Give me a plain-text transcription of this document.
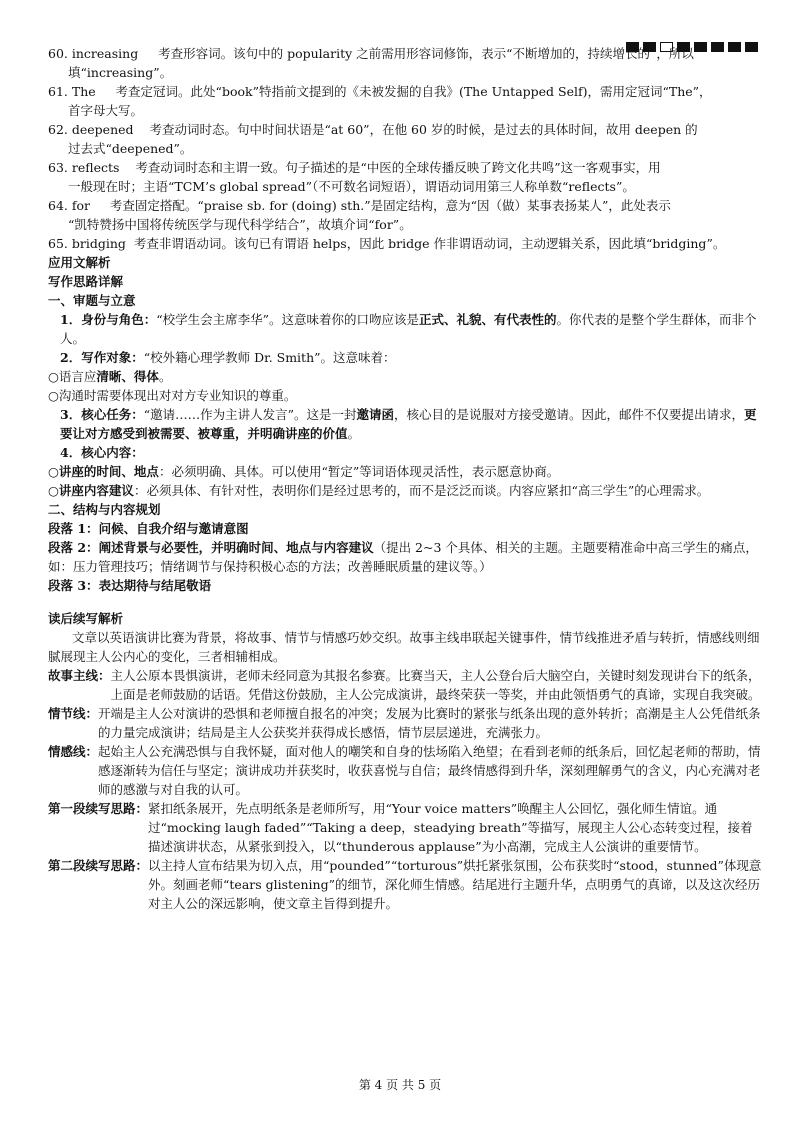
60. increasing 考查形容词。该句中的 popularity 之前需用形容词修饰，表示“不断增加的，持续增长的”，所以
填“increasing”。

61. The 考查定冠词。此处“book”特指前文提到的《未被发掘的自我》(The Untapped Self)，需用定冠词“The”，
首字母大写。

62. deepened 考查动词时态。句中时间状语是“at 60”，在他 60 岁的时候，是过去的具体时间，故用 deepen 的
过去式“deepened”。

63. reflects 考查动词时态和主谓一致。句子描述的是“中医的全球传播反映了跨文化共鸣”这一客观事实，用
一般现在时；主语“TCM’s global spread”（不可数名词短语），谓语动词用第三人称单数“reflects”。

64. for 考查固定搭配。“praise sb. for (doing) sth.”是固定结构，意为“因（做）某事表扬某人”，此处表示
“凯特赞扬中国将传统医学与现代科学结合”，故填介词“for”。

65. bridging 考查非谓语动词。该句已有谓语 helps，因此 bridge 作非谓语动词，主动逻辑关系，因此填“bridging”。

应用文解析

写作思路详解

一、审题与立意

1．身份与角色：“校学生会主席李华”。这意味着你的口吻应该是正式、礼貌、有代表性的。你代表的是整个学生群体，而非个人。

2．写作对象：“校外籍心理学教师 Dr. Smith”。这意味着：

○语言应清晰、得体。

○沟通时需要体现出对对方专业知识的尊重。

3．核心任务：“邀请……作为主讲人发言”。这是一封邀请函，核心目的是说服对方接受邀请。因此，邮件不仅要提出请求，更要让对方感受到被需要、被尊重，并明确讲座的价值。

4．核心内容：

○讲座的时间、地点：必须明确、具体。可以使用“暂定”等词语体现灵活性，表示愿意协商。

○讲座内容建议：必须具体、有针对性，表明你们是经过思考的，而不是泛泛而谈。内容应紧扣“高三学生”的心理需求。

二、结构与内容规划

段落 1：问候、自我介绍与邀请意图

段落 2：阐述背景与必要性，并明确时间、地点与内容建议（提出 2~3 个具体、相关的主题。主题要精准命中高三学生的痛点，如：压力管理技巧；情绪调节与保持积极心态的方法；改善睡眠质量的建议等。）

段落 3：表达期待与结尾敬语

读后续写解析

文章以英语演讲比赛为背景，将故事、情节与情感巧妙交织。故事主线串联起关键事件，情节线推进矛盾与转折，情感线则细腻展现主人公内心的变化，三者相辅相成。

故事主线： 主人公原本畏惧演讲，老师未经同意为其报名参赛。比赛当天，主人公登台后大脑空白，关键时刻发现讲台下的纸条，上面是老师鼓励的话语。凭借这份鼓励，主人公完成演讲，最终荣获一等奖，并由此领悟勇气的真谛，实现自我突破。
情节线： 开端是主人公对演讲的恐惧和老师擅自报名的冲突；发展为比赛时的紧张与纸条出现的意外转折；高潮是主人公凭借纸条的力量完成演讲；结局是主人公获奖并获得成长感悟，情节层层递进，充满张力。
情感线： 起始主人公充满恐惧与自我怀疑，面对他人的嘲笑和自身的怯场陷入绝望；在看到老师的纸条后，回忆起老师的帮助，情感逐渐转为信任与坚定；演讲成功并获奖时，收获喜悦与自信；最终情感得到升华，深刻理解勇气的含义，内心充满对老师的感激与对自我的认可。
第一段续写思路： 紧扣纸条展开，先点明纸条是老师所写，用“Your voice matters”唤醒主人公回忆，强化师生情谊。通过“mocking laugh faded”“Taking a deep，steadying breath”等描写，展现主人公心态转变过程，接着描述演讲状态，从紧张到投入，以“thunderous applause”为小高潮，完成主人公演讲的重要情节。
第二段续写思路： 以主持人宣布结果为切入点，用“pounded”“torturous”烘托紧张氛围，公布获奖时“stood，stunned”体现意外。刻画老师“tears glistening”的细节，深化师生情感。结尾进行主题升华，点明勇气的真谛，以及这次经历对主人公的深远影响，使文章主旨得到提升。
第 4 页 共 5 页
